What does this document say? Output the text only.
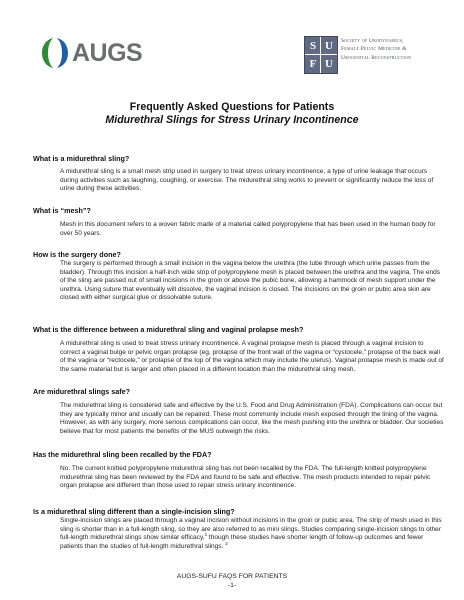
AUGS	S U
F U
Society of Urodynamics,
Female Pelvic Medicine &
Urogenital Reconstruction
Frequently Asked Questions for Patients
Midurethral Slings for Stress Urinary Incontinence
What is a midurethral sling?
A midurethral sling is a small mesh strip used in surgery to treat stress urinary incontinence, a type of urine leakage that occurs during activities such as laughing, coughing, or exercise. The midurethral sling works to prevent or significantly reduce the loss of urine during these activities.
What is “mesh”?
Mesh in this document refers to a woven fabric made of a material called polypropylene that has been used in the human body for over 50 years.
How is the surgery done?
The surgery is performed through a small incision in the vagina below the urethra (the tube through which urine passes from the bladder). Through this incision a half-inch wide strip of polypropylene mesh is placed between the urethra and the vagina. The ends of the sling are passed out of small incisions in the groin or above the pubic bone, allowing a hammock of mesh support under the urethra. Using suture that eventually will dissolve, the vaginal incision is closed. The incisions on the groin or pubic area skin are closed with either surgical glue or dissolvable suture.
What is the difference between a midurethral sling and vaginal prolapse mesh?
A midurethral sling is used to treat stress urinary incontinence. A vaginal prolapse mesh is placed through a vaginal incision to correct a vaginal bulge or pelvic organ prolapse (eg, prolapse of the front wall of the vagina or “cystocele,” prolapse of the back wall of the vagina or “rectocele,” or prolapse of the top of the vagina which may include the uterus). Vaginal prolapse mesh is made out of the same material but is larger and often placed in a different location than the midurethral sling mesh.
Are midurethral slings safe?
The midurethral sling is considered safe and effective by the U.S. Food and Drug Administration (FDA). Complications can occur but they are typically minor and usually can be repaired. These most commonly include mesh exposed through the lining of the vagina. However, as with any surgery, more serious complications can occur, like the mesh pushing into the urethra or bladder. Our societies believe that for most patients the benefits of the MUS outweigh the risks.
Has the midurethral sling been recalled by the FDA?
No. The current knitted polypropylene midurethral sling has not been recalled by the FDA. The full-length knitted polypropylene midurethral sling has been reviewed by the FDA and found to be safe and effective. The mesh products intended to repair pelvic organ prolapse are different than those used to repair stress urinary incontinence.
Is a midurethral sling different than a single-incision sling?
Single-incision slings are placed through a vaginal incision without incisions in the groin or pubic area. The strip of mesh used in this sling is shorter than in a full-length sling, so they are also referred to as mini slings. Studies comparing single-incision slings to other full-length midurethral slings show similar efficacy,$^1$ though these studies have shorter length of follow-up outcomes and fewer patients than the studies of full-length midurethral slings. $^2$
AUGS-SUFU FAQS FOR PATIENTS
-1-
